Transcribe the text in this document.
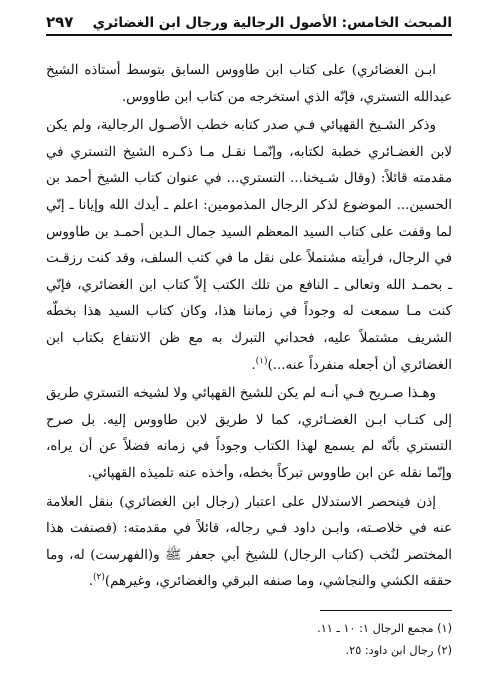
المبحث الخامس: الأصول الرجالية ورجال ابن الغضائري
٢٩٧

ابـن الغضائري) على كتاب ابن طاووس السابق بتوسط أستاذه الشيخ عبدالله التستري، فإنّه الذي استخرجه من كتاب ابن طاووس.

وذكر الشـيخ القهپائي فـي صدر كتابه خطب الأصـول الرجالية، ولم يكن لابن الغضـائري خطبة لكتابه، وإنّمـا نقـل مـا ذكـره الشيخ التستري في مقدمته قائلاً: (وقال شـيخنا... التستري... في عنوان كتاب الشيخ أحمد بن الحسين... الموضوع لذكر الرجال المذمومين: اعلم ـ أيدك الله وإيانا ـ إنّي لما وقفت على كتاب السيد المعظم السيد جمال الـدين أحمـد بن طاووس في الرجال، فرأيته مشتملاً على نقل ما في كتب السلف، وقد كنت رزقـت ـ بحمـد الله وتعالى ـ النافع من تلك الكتب إلاّ كتاب ابن الغضائري، فإنّي كنت مـا سمعت له وجوداً في زماننا هذا، وكان كتاب السيد هذا بخطّه الشريف مشتملاً عليه، فحداني التبرك به مع ظن الانتفاع بكتاب ابن الغضائري أن أجعله منفرداً عنه...)$^{(١)}$.

وهـذا صـريح فـي أنـه لم يكن للشيخ القهپائي ولا لشيخه التستري طريق إلى كتـاب ابـن الغضـائري، كما لا طريق لابن طاووس إليه. بل صرح التستري بأنّه لم يسمع لهذا الكتاب وجوداً في زمانه فضلاً عن أن يراه، وإنّما نقله عن ابن طاووس تبركاً بخطه، وأخذه عنه تلميذه القهپائي.

إذن فينحصر الاستدلال على اعتبار (رجال ابن الغضائري) بنقل العلامة عنه في خلاصـته، وابـن داود فـي رجاله، قائلاً في مقدمته: (فصنفت هذا المختصر لنُخب (كتاب الرجال) للشيخ أبي جعفر ﷺ و(الفهرست) له، وما حققه الكشي والنجاشي، وما صنفه البرقي والغضائري، وغيرهم)$^{(٢)}$.

(١) مجمع الرجال ١: ١٠ ـ ١١.
(٢) رجال ابن داود: ٢٥.
